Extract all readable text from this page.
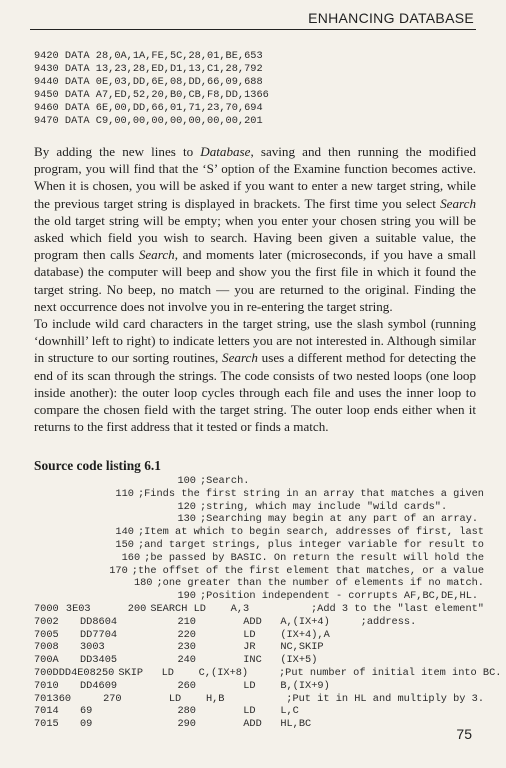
ENHANCING DATABASE
9420 DATA 28,0A,1A,FE,5C,28,01,BE,653
9430 DATA 13,23,28,ED,D1,13,C1,28,792
9440 DATA 0E,03,DD,6E,08,DD,66,09,688
9450 DATA A7,ED,52,20,B0,CB,F8,DD,1366
9460 DATA 6E,00,DD,66,01,71,23,70,694
9470 DATA C9,00,00,00,00,00,00,00,201

By adding the new lines to Database, saving and then running the modified program, you will find that the ‘S’ option of the Examine function becomes active. When it is chosen, you will be asked if you want to enter a new target string, while the previous target string is displayed in brackets. The first time you select Search the old target string will be empty; when you enter your chosen string you will be asked which field you wish to search. Having been given a suitable value, the program then calls Search, and moments later (microseconds, if you have a small database) the computer will beep and show you the first file in which it found the target string. No beep, no match — you are returned to the original. Finding the next occurrence does not involve you in re-entering the target string.

To include wild card characters in the target string, use the slash symbol (running ‘downhill’ left to right) to indicate letters you are not interested in. Although similar in structure to our sorting routines, Search uses a different method for detecting the end of its scan through the strings. The code consists of two nested loops (one loop inside another): the outer loop cycles through each file and uses the inner loop to compare the chosen field with the target string. The outer loop ends either when it returns to the first address that it tested or finds a match.

Source code listing 6.1
100 ;Search.
110 ;Finds the first string in an array that matches a given
120 ;string, which may include "wild cards".
130 ;Searching may begin at any part of an array.
140 ;Item at which to begin search, addresses of first, last
150 ;and target strings, plus integer variable for result to
160 ;be passed by BASIC. On return the result will hold the
170 ;the offset of the first element that matches, or a value
180 ;one greater than the number of elements if no match.
190 ;Position independent - corrupts AF,BC,DE,HL.
7000 3E03	200 SEARCH LD    A,3          ;Add 3 to the "last element"
7002	DD8604	210 ADD   A,(IX+4)     ;address.
7005	DD7704	220 LD    (IX+4),A
7008	3003	230 JR    NC,SKIP
700A	DD3405	240 INC   (IX+5)
700D DD4E08 250 SKIP   LD    C,(IX+8)     ;Put number of initial item into BC.
7010	DD4609	260 LD    B,(IX+9)
7013 60	270 LD    H,B          ;Put it in HL and multiply by 3.
7014	69	280 LD    L,C
7015	09	290 ADD   HL,BC
75
